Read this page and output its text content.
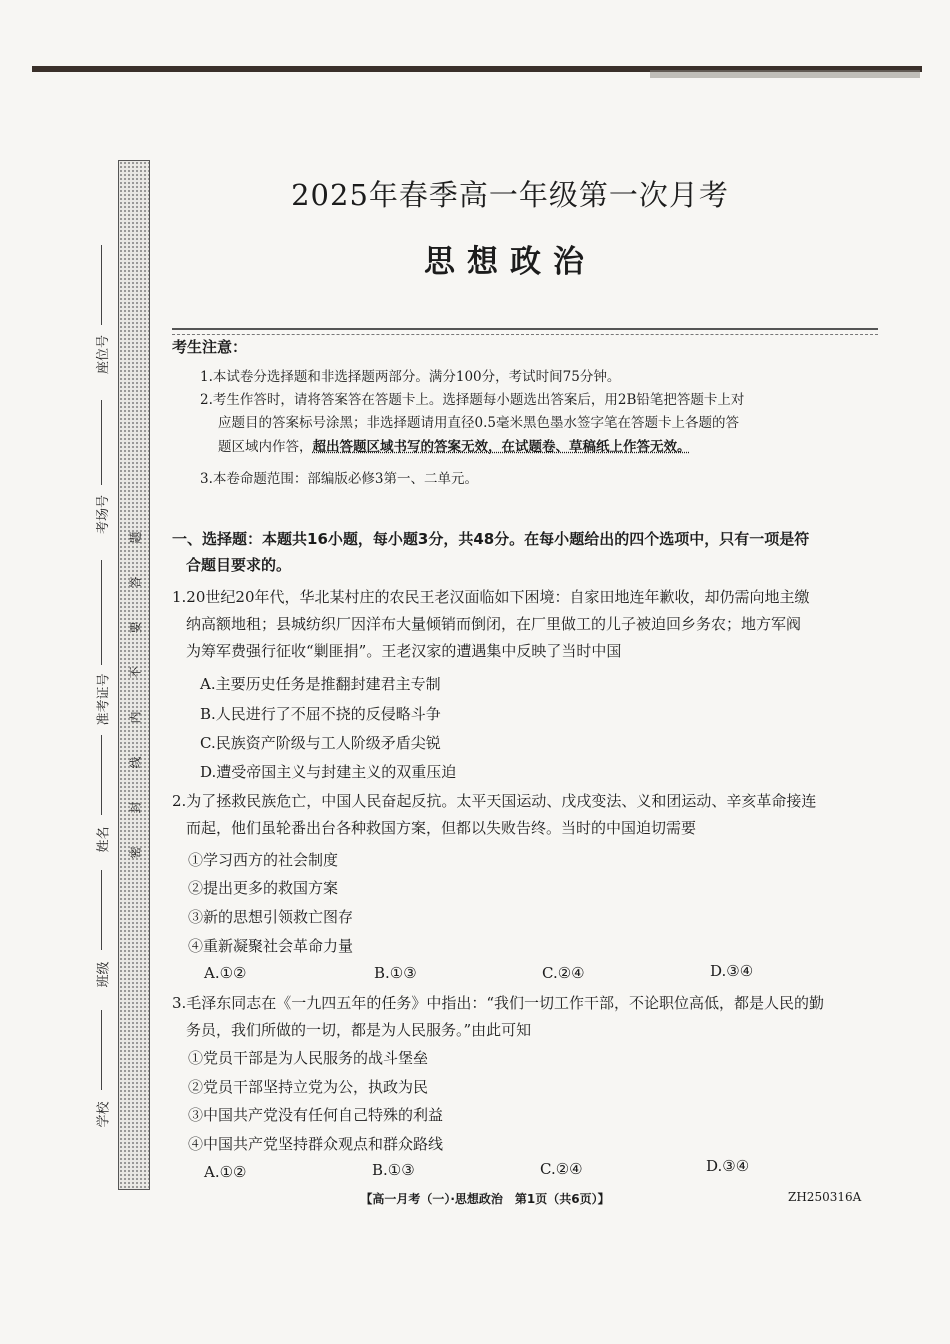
题
答
要
不
内
线
封
密
座位号
考场号
准考证号
姓名
班级
学校
2025年春季高一年级第一次月考
思想政治
考生注意：
1.本试卷分选择题和非选择题两部分。满分100分，考试时间75分钟。
2.考生作答时，请将答案答在答题卡上。选择题每小题选出答案后，用2B铅笔把答题卡上对
应题目的答案标号涂黑；非选择题请用直径0.5毫米黑色墨水签字笔在答题卡上各题的答
题区域内作答，超出答题区域书写的答案无效，在试题卷、草稿纸上作答无效。
3.本卷命题范围：部编版必修3第一、二单元。
一、选择题：本题共16小题，每小题3分，共48分。在每小题给出的四个选项中，只有一项是符
合题目要求的。
1.20世纪20年代，华北某村庄的农民王老汉面临如下困境：自家田地连年歉收，却仍需向地主缴
纳高额地租；县城纺织厂因洋布大量倾销而倒闭，在厂里做工的儿子被迫回乡务农；地方军阀
为筹军费强行征收“剿匪捐”。王老汉家的遭遇集中反映了当时中国
A.主要历史任务是推翻封建君主专制
B.人民进行了不屈不挠的反侵略斗争
C.民族资产阶级与工人阶级矛盾尖锐
D.遭受帝国主义与封建主义的双重压迫
2.为了拯救民族危亡，中国人民奋起反抗。太平天国运动、戊戌变法、义和团运动、辛亥革命接连
而起，他们虽轮番出台各种救国方案，但都以失败告终。当时的中国迫切需要
①学习西方的社会制度
②提出更多的救国方案
③新的思想引领救亡图存
④重新凝聚社会革命力量
A.①②	B.①③	C.②④	D.③④
3.毛泽东同志在《一九四五年的任务》中指出：“我们一切工作干部，不论职位高低，都是人民的勤
务员，我们所做的一切，都是为人民服务。”由此可知
①党员干部是为人民服务的战斗堡垒
②党员干部坚持立党为公，执政为民
③中国共产党没有任何自己特殊的利益
④中国共产党坚持群众观点和群众路线
A.①②	B.①③	C.②④	D.③④
【高一月考（一）·思想政治　第1页（共6页）】	ZH250316A
